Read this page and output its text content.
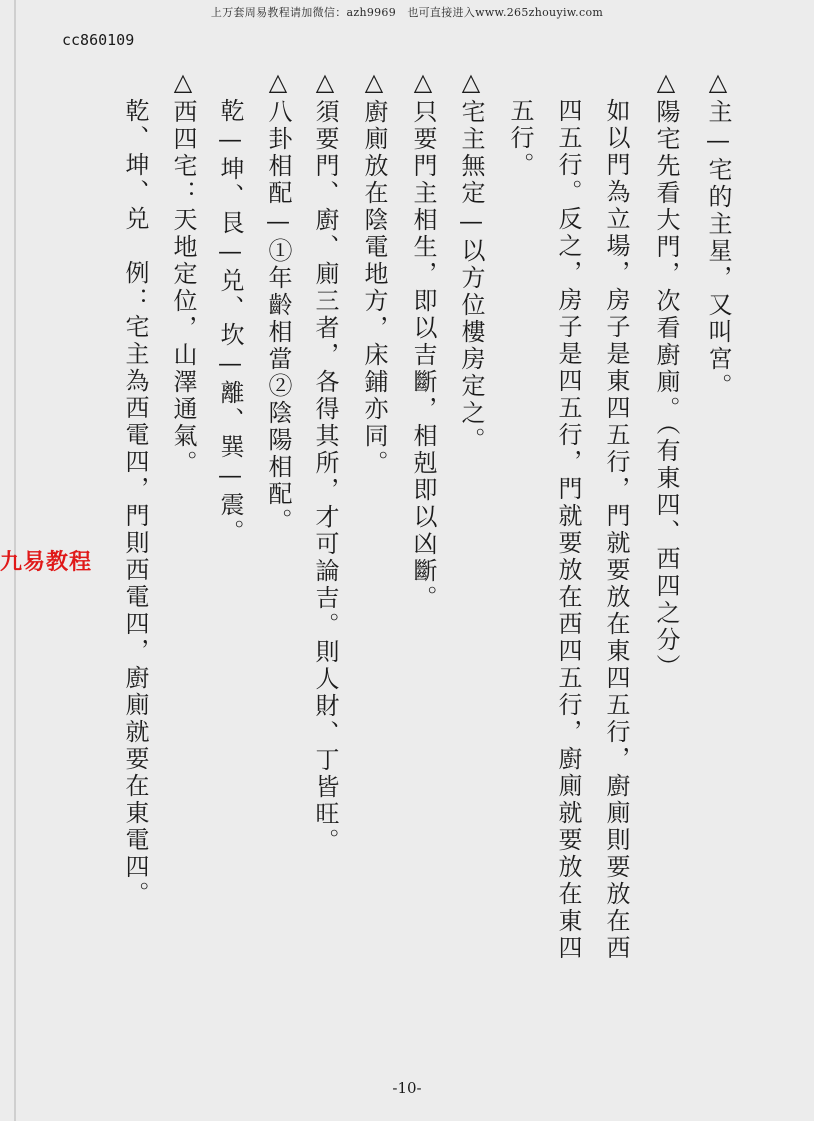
上万套周易教程请加微信：azh9969　也可直接进入www.265zhouyiw.com
cc860109
九易教程
△主—宅的主星，又叫宮。
△陽宅先看大門，次看廚廁。（有東四、西四之分）
如以門為立場，房子是東四五行，門就要放在東四五行，廚廁則要放在西
四五行。反之，房子是四五行，門就要放在西四五行，廚廁就要放在東四
五行。
△宅主無定—以方位樓房定之。
△只要門主相生，即以吉斷，相剋即以凶斷。
△廚廁放在陰電地方，床鋪亦同。
△須要門、廚、廁三者，各得其所，才可論吉。則人財、丁皆旺。
△八卦相配—①年齡相當②陰陽相配。
乾—坤、艮—兑、坎—離、巽—震。
△西四宅：天地定位，山澤通氣。
乾、坤、兑　例：宅主為西電四，門則西電四，廚廁就要在東電四。
-10-
